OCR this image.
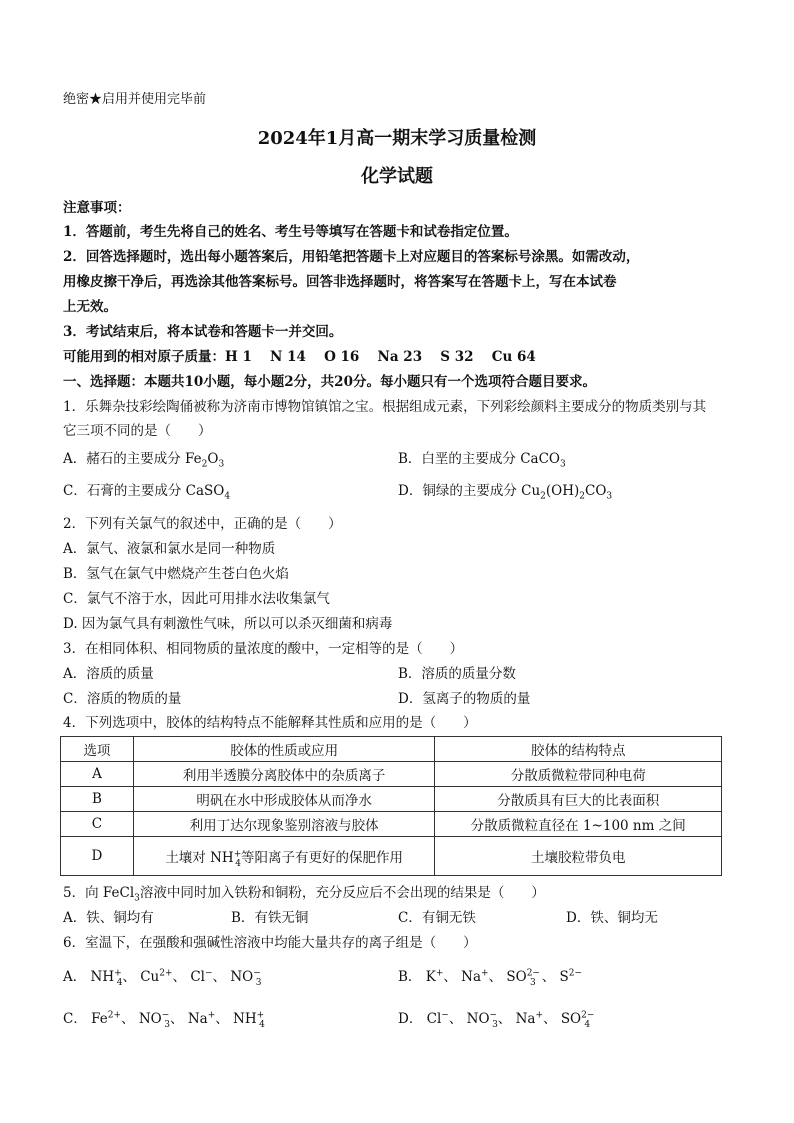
绝密★启用并使用完毕前
2024年1月高一期末学习质量检测
化学试题
注意事项：
1．答题前，考生先将自己的姓名、考生号等填写在答题卡和试卷指定位置。
2．回答选择题时，选出每小题答案后，用铅笔把答题卡上对应题目的答案标号涂黑。如需改动，
用橡皮擦干净后，再选涂其他答案标号。回答非选择题时，将答案写在答题卡上，写在本试卷
上无效。
3．考试结束后，将本试卷和答题卡一并交回。
可能用到的相对原子质量：H 1　 N 14　 O 16　 Na 23　 S 32　 Cu 64
一、选择题：本题共10小题，每小题2分，共20分。每小题只有一个选项符合题目要求。
1．乐舞杂技彩绘陶俑被称为济南市博物馆镇馆之宝。根据组成元素，下列彩绘颜料主要成分的物质类别与其
它三项不同的是（　　）
A．赭石的主要成分 $Fe_2O_3$	B．白垩的主要成分 CaCO$_3$
C．石膏的主要成分 CaSO$_4$	D．铜绿的主要成分 $Cu_2(OH)_2CO_3$
2．下列有关氯气的叙述中，正确的是（　　）
A．氯气、液氯和氯水是同一种物质
B．氢气在氯气中燃烧产生苍白色火焰
C．氯气不溶于水，因此可用排水法收集氯气
D. 因为氯气具有刺激性气味，所以可以杀灭细菌和病毒
3．在相同体积、相同物质的量浓度的酸中，一定相等的是（　　）
A．溶质的质量	B．溶质的质量分数
C．溶质的物质的量	D．氢离子的物质的量
4．下列选项中，胶体的结构特点不能解释其性质和应用的是（　　）
选项	胶体的性质或应用	胶体的结构特点
A	利用半透膜分离胶体中的杂质离子	分散质微粒带同种电荷
B	明矾在水中形成胶体从而净水	分散质具有巨大的比表面积
C	利用丁达尔现象鉴别溶液与胶体	分散质微粒直径在 1~100 nm 之间
D	土壤对 $NH^+_4$等阳离子有更好的保肥作用	土壤胶粒带负电
5．向 FeCl$_3$溶液中同时加入铁粉和铜粉，充分反应后不会出现的结果是（　　）
A．铁、铜均有	B．有铁无铜	C．有铜无铁	D．铁、铜均无
6．室温下，在强酸和强碱性溶液中均能大量共存的离子组是（　　）
A． $NH^+_4$、 $Cu^{2+}$、 Cl−、 $NO^-_3$	B． K+、 Na+、 $SO^{2-}_3$ 、 $S^{2-}$
C． $Fe^{2+}$、 $NO^-_3$、 Na+、 $NH^+_4$	D． Cl−、 $NO^-_3$、 Na+、 $SO^{2-}_4$
